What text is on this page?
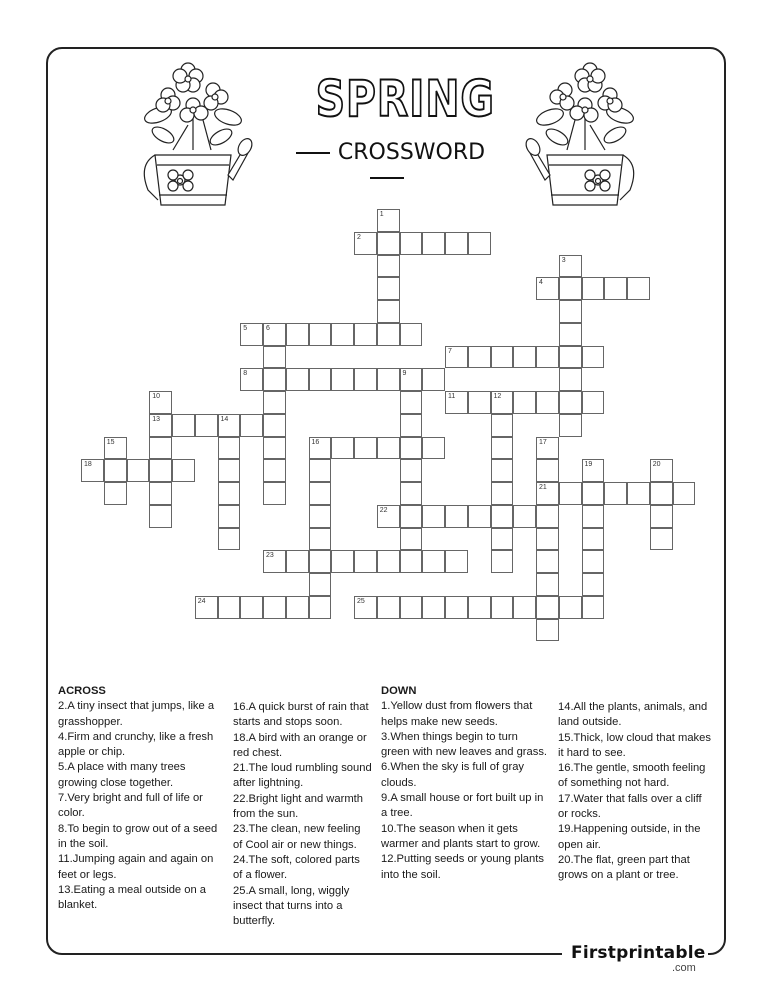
Firstprintable
.com
SPRING
CROSSWORD
1
2
3
4
5	6
7
8	9
10
13
11	12
14
15	16	17
21
18	19	20
22
23
24	25
ACROSS
2.A tiny insect that jumps, like a
grasshopper.
4.Firm and crunchy, like a fresh
apple or chip.
5.A place with many trees
growing close together.
7.Very bright and full of life or
color.
8.To begin to grow out of a seed
in the soil.
11.Jumping again and again on
feet or legs.
13.Eating a meal outside on a
blanket.
16.A quick burst of rain that
starts and stops soon.
18.A bird with an orange or
red chest.
21.The loud rumbling sound
after lightning.
22.Bright light and warmth
from the sun.
23.The clean, new feeling
of Cool air or new things.
24.The soft, colored parts
of a flower.
25.A small, long, wiggly
insect that turns into a
butterfly.
DOWN
1.Yellow dust from flowers that
helps make new seeds.
3.When things begin to turn
green with new leaves and grass.
6.When the sky is full of gray
clouds.
9.A small house or fort built up in
a tree.
10.The season when it gets
warmer and plants start to grow.
12.Putting seeds or young plants
into the soil.
14.All the plants, animals, and
land outside.
15.Thick, low cloud that makes
it hard to see.
16.The gentle, smooth feeling
of something not hard.
17.Water that falls over a cliff
or rocks.
19.Happening outside, in the
open air.
20.The flat, green part that
grows on a plant or tree.
